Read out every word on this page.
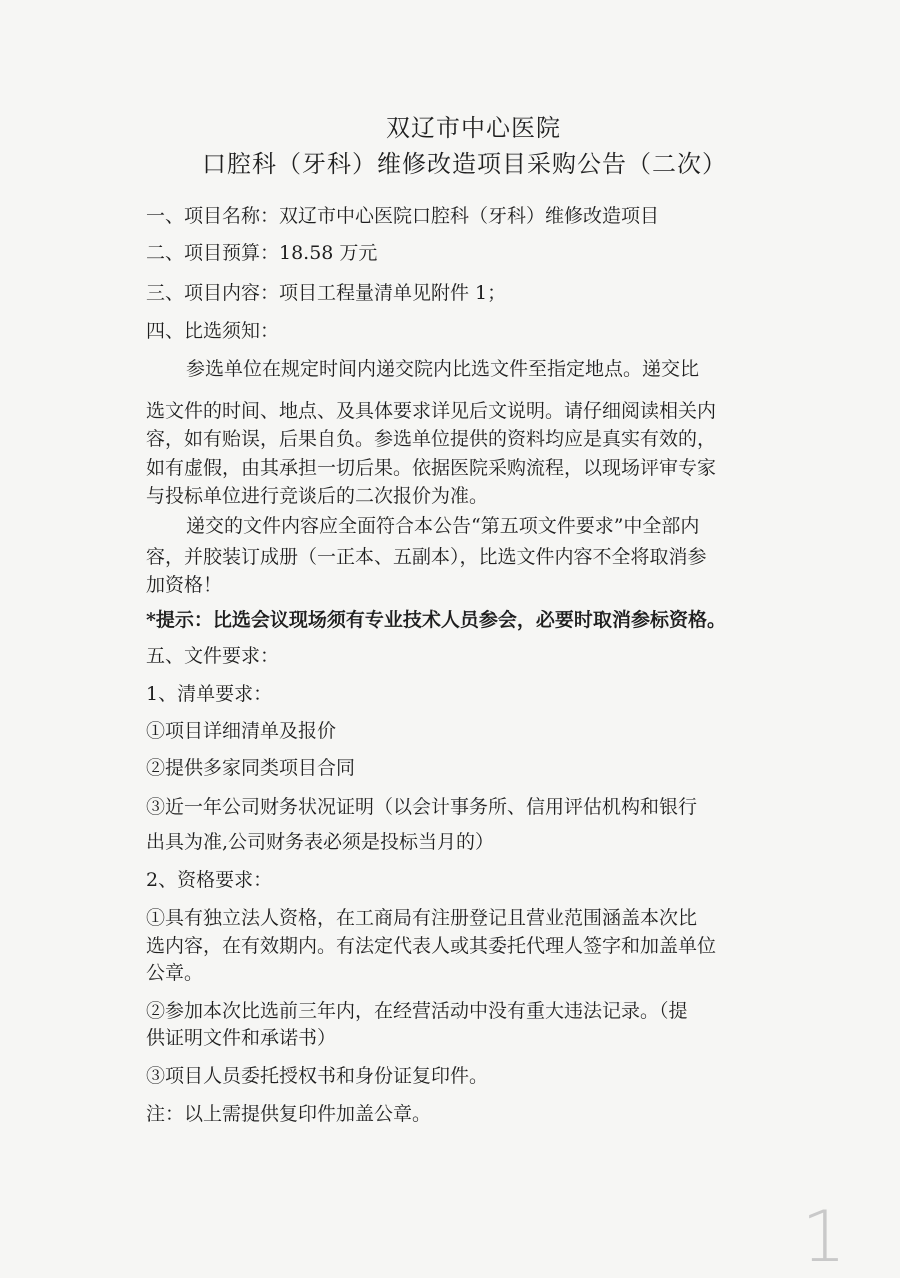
双辽市中心医院
口腔科（牙科）维修改造项目采购公告（二次）
一、项目名称：双辽市中心医院口腔科（牙科）维修改造项目
二、项目预算：18.58 万元
三、项目内容：项目工程量清单见附件 1；
四、比选须知：
参选单位在规定时间内递交院内比选文件至指定地点。递交比
选文件的时间、地点、及具体要求详见后文说明。请仔细阅读相关内
容，如有贻误，后果自负。参选单位提供的资料均应是真实有效的，
如有虚假，由其承担一切后果。依据医院采购流程，以现场评审专家
与投标单位进行竞谈后的二次报价为准。
递交的文件内容应全面符合本公告“第五项文件要求”中全部内
容，并胶装订成册（一正本、五副本），比选文件内容不全将取消参
加资格！
*提示：比选会议现场须有专业技术人员参会，必要时取消参标资格。
五、文件要求：
1、清单要求：
①项目详细清单及报价
②提供多家同类项目合同
③近一年公司财务状况证明（以会计事务所、信用评估机构和银行
出具为准,公司财务表必须是投标当月的）
2、资格要求：
①具有独立法人资格，在工商局有注册登记且营业范围涵盖本次比
选内容，在有效期内。有法定代表人或其委托代理人签字和加盖单位
公章。
②参加本次比选前三年内，在经营活动中没有重大违法记录。（提
供证明文件和承诺书）
③项目人员委托授权书和身份证复印件。
注：以上需提供复印件加盖公章。
1
